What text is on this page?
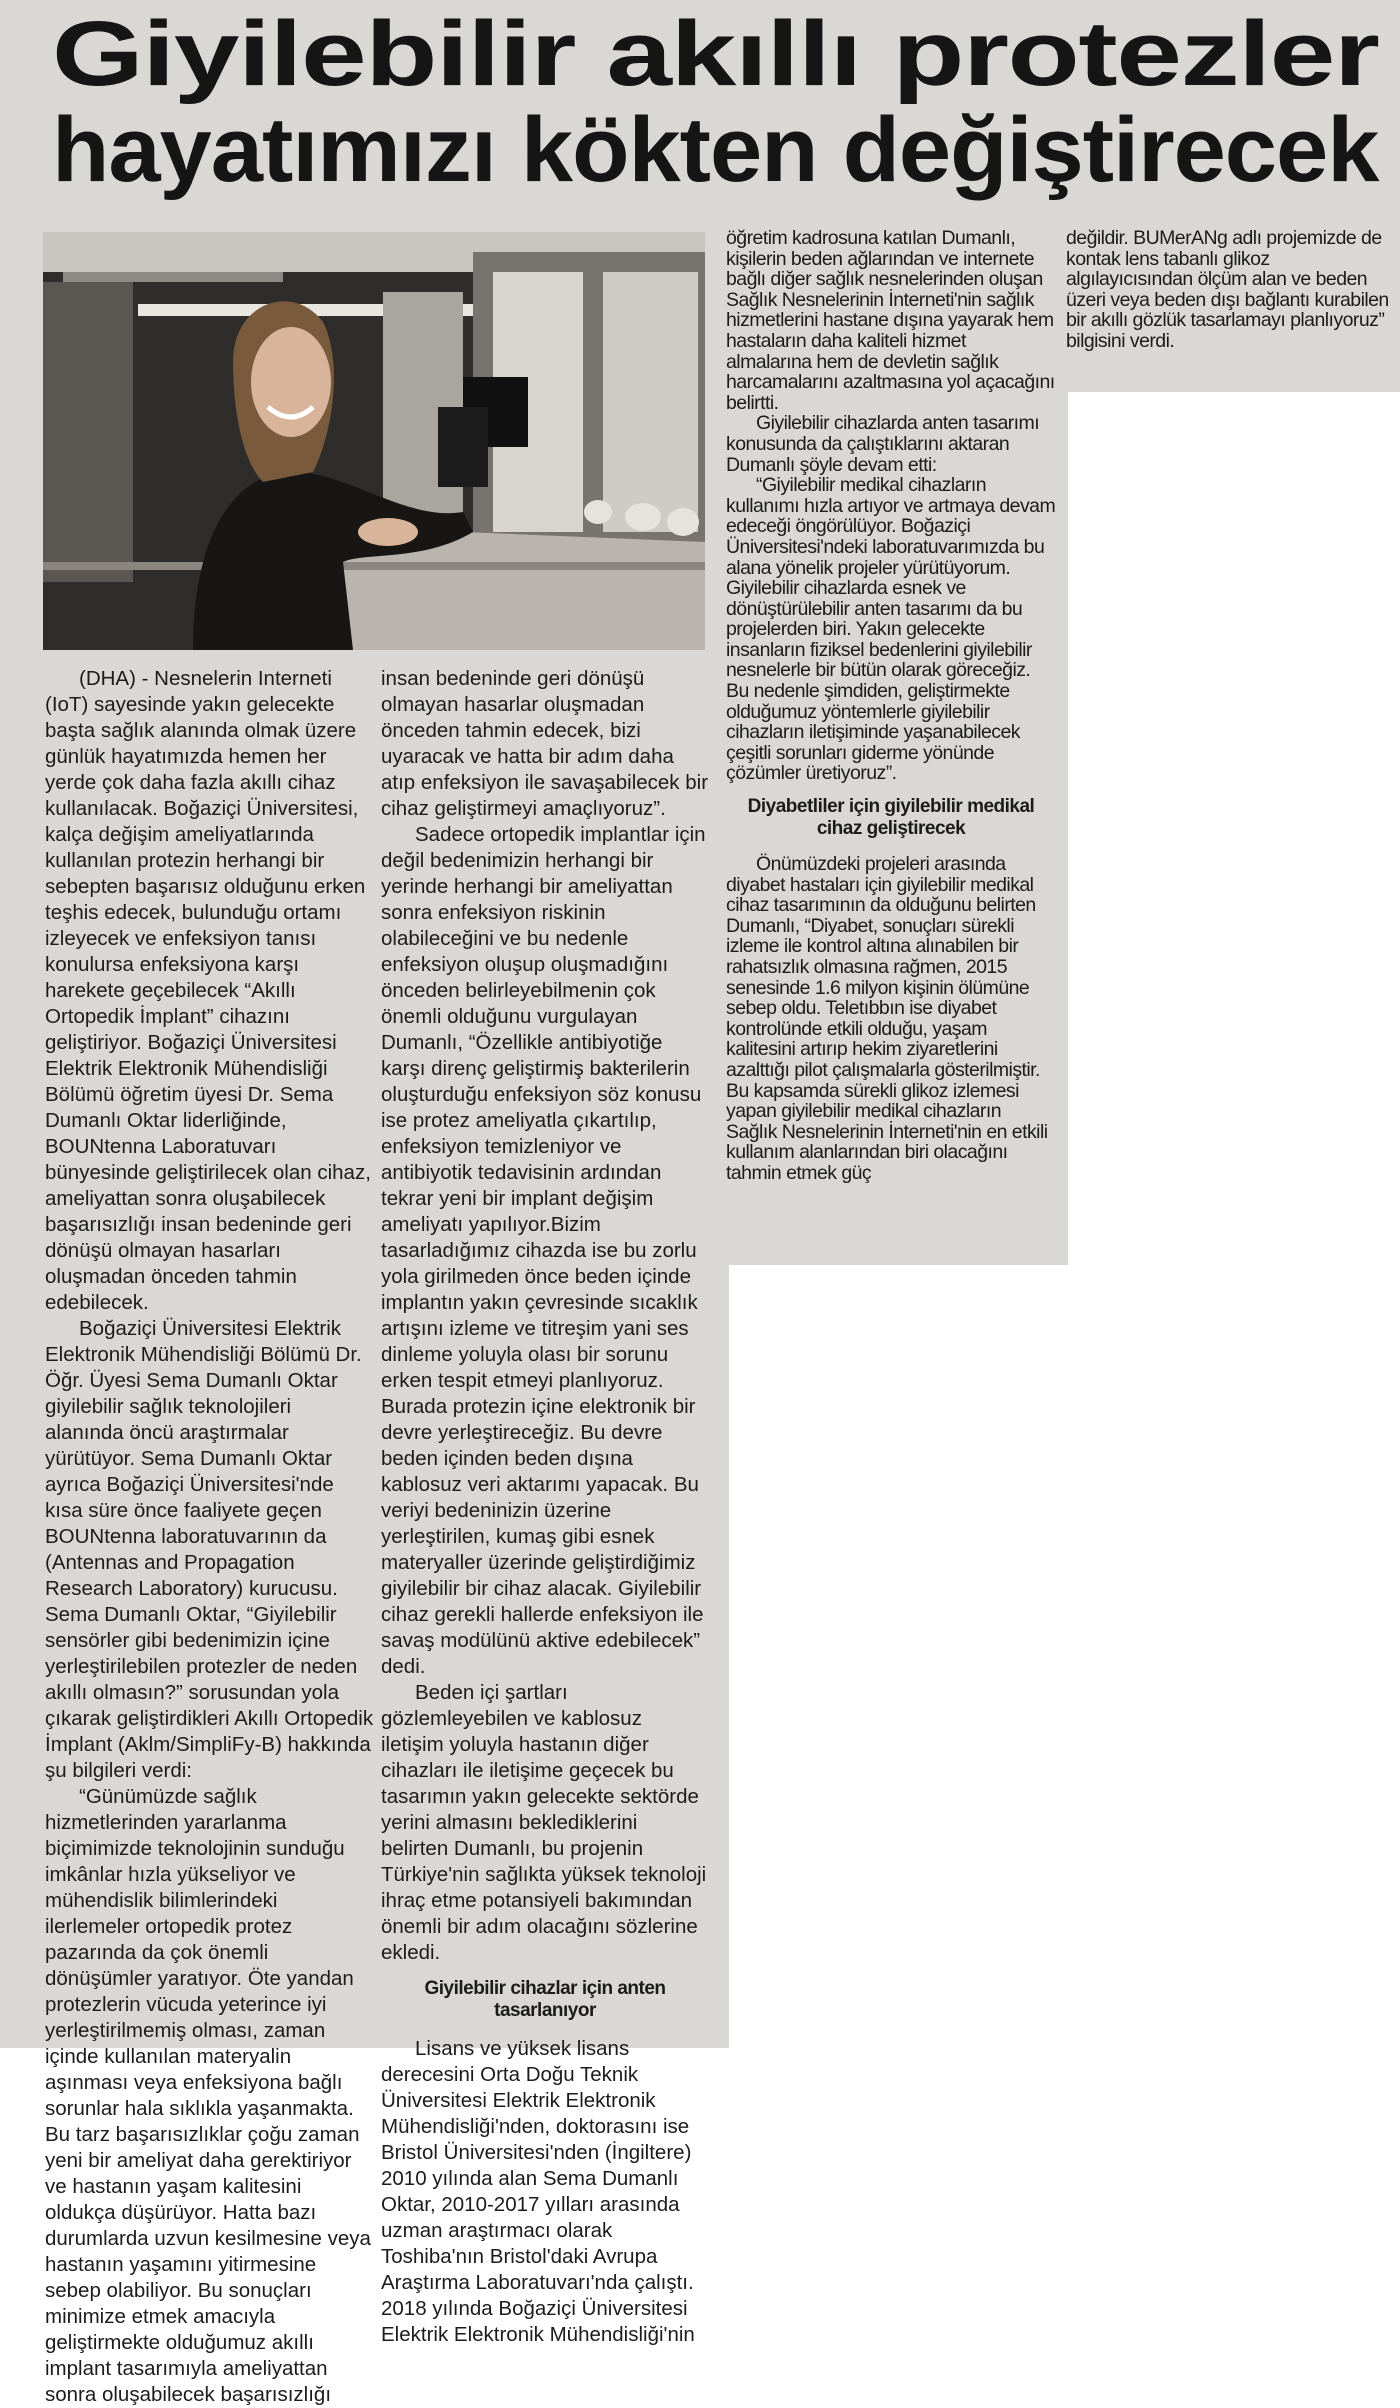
Giyilebilir akıllı protezler
hayatımızı kökten değiştirecek

(DHA) - Nesnelerin Interneti (IoT) sayesinde yakın gelecekte başta sağlık alanında olmak üzere günlük hayatımızda hemen her yerde çok daha fazla akıllı cihaz kullanılacak. Boğaziçi Üniversitesi, kalça değişim ameliyatlarında kullanılan protezin herhangi bir sebepten başarısız olduğunu erken teşhis edecek, bulunduğu ortamı izleyecek ve enfeksiyon tanısı konulursa enfeksiyona karşı harekete geçebilecek “Akıllı Ortopedik İmplant” cihazını geliştiriyor. Boğaziçi Üniversitesi Elektrik Elektronik Mühendisliği Bölümü öğretim üyesi Dr. Sema Dumanlı Oktar liderliğinde, BOUNtenna Laboratuvarı bünyesinde geliştirilecek olan cihaz, ameliyattan sonra oluşabilecek başarısızlığı insan bedeninde geri dönüşü olmayan hasarları oluşmadan önceden tahmin edebilecek.

Boğaziçi Üniversitesi Elektrik Elektronik Mühendisliği Bölümü Dr. Öğr. Üyesi Sema Dumanlı Oktar giyilebilir sağlık teknolojileri alanında öncü araştırmalar yürütüyor. Sema Dumanlı Oktar ayrıca Boğaziçi Üniversitesi'nde kısa süre önce faaliyete geçen BOUNtenna laboratuvarının da (Antennas and Propagation Research Laboratory) kurucusu. Sema Dumanlı Oktar, “Giyilebilir sensörler gibi bedenimizin içine yerleştirilebilen protezler de neden akıllı olmasın?” sorusundan yola çıkarak geliştirdikleri Akıllı Ortopedik İmplant (Aklm/SimpliFy-B) hakkında şu bilgileri verdi:

“Günümüzde sağlık hizmetlerinden yararlanma biçimimizde teknolojinin sunduğu imkânlar hızla yükseliyor ve mühendislik bilimlerindeki ilerlemeler ortopedik protez pazarında da çok önemli dönüşümler yaratıyor. Öte yandan protezlerin vücuda yeterince iyi yerleştirilmemiş olması, zaman içinde kullanılan materyalin aşınması veya enfeksiyona bağlı sorunlar hala sıklıkla yaşanmakta. Bu tarz başarısızlıklar çoğu zaman yeni bir ameliyat daha gerektiriyor ve hastanın yaşam kalitesini oldukça düşürüyor. Hatta bazı durumlarda uzvun kesilmesine veya hastanın yaşamını yitirmesine sebep olabiliyor. Bu sonuçları minimize etmek amacıyla geliştirmekte olduğumuz akıllı implant tasarımıyla ameliyattan sonra oluşabilecek başarısızlığı

insan bedeninde geri dönüşü olmayan hasarlar oluşmadan önceden tahmin edecek, bizi uyaracak ve hatta bir adım daha atıp enfeksiyon ile savaşabilecek bir cihaz geliştirmeyi amaçlıyoruz”.

Sadece ortopedik implantlar için değil bedenimizin herhangi bir yerinde herhangi bir ameliyattan sonra enfeksiyon riskinin olabileceğini ve bu nedenle enfeksiyon oluşup oluşmadığını önceden belirleyebilmenin çok önemli olduğunu vurgulayan Dumanlı, “Özellikle antibiyotiğe karşı direnç geliştirmiş bakterilerin oluşturduğu enfeksiyon söz konusu ise protez ameliyatla çıkartılıp, enfeksiyon temizleniyor ve antibiyotik tedavisinin ardından tekrar yeni bir implant değişim ameliyatı yapılıyor.Bizim tasarladığımız cihazda ise bu zorlu yola girilmeden önce beden içinde implantın yakın çevresinde sıcaklık artışını izleme ve titreşim yani ses dinleme yoluyla olası bir sorunu erken tespit etmeyi planlıyoruz. Burada protezin içine elektronik bir devre yerleştireceğiz. Bu devre beden içinden beden dışına kablosuz veri aktarımı yapacak. Bu veriyi bedeninizin üzerine yerleştirilen, kumaş gibi esnek materyaller üzerinde geliştirdiğimiz giyilebilir bir cihaz alacak. Giyilebilir cihaz gerekli hallerde enfeksiyon ile savaş modülünü aktive edebilecek” dedi.

Beden içi şartları gözlemleyebilen ve kablosuz iletişim yoluyla hastanın diğer cihazları ile iletişime geçecek bu tasarımın yakın gelecekte sektörde yerini almasını beklediklerini belirten Dumanlı, bu projenin Türkiye'nin sağlıkta yüksek teknoloji ihraç etme potansiyeli bakımından önemli bir adım olacağını sözlerine ekledi.

Giyilebilir cihazlar için anten tasarlanıyor

Lisans ve yüksek lisans derecesini Orta Doğu Teknik Üniversitesi Elektrik Elektronik Mühendisliği'nden, doktorasını ise Bristol Üniversitesi'nden (İngiltere) 2010 yılında alan Sema Dumanlı Oktar, 2010-2017 yılları arasında uzman araştırmacı olarak Toshiba'nın Bristol'daki Avrupa Araştırma Laboratuvarı'nda çalıştı. 2018 yılında Boğaziçi Üniversitesi Elektrik Elektronik Mühendisliği'nin

öğretim kadrosuna katılan Dumanlı, kişilerin beden ağlarından ve internete bağlı diğer sağlık nesnelerinden oluşan Sağlık Nesnelerinin İnterneti'nin sağlık hizmetlerini hastane dışına yayarak hem hastaların daha kaliteli hizmet almalarına hem de devletin sağlık harcamalarını azaltmasına yol açacağını belirtti.

Giyilebilir cihazlarda anten tasarımı konusunda da çalıştıklarını aktaran Dumanlı şöyle devam etti:

“Giyilebilir medikal cihazların kullanımı hızla artıyor ve artmaya devam edeceği öngörülüyor. Boğaziçi Üniversitesi'ndeki laboratuvarımızda bu alana yönelik projeler yürütüyorum. Giyilebilir cihazlarda esnek ve dönüştürülebilir anten tasarımı da bu projelerden biri. Yakın gelecekte insanların fiziksel bedenlerini giyilebilir nesnelerle bir bütün olarak göreceğiz. Bu nedenle şimdiden, geliştirmekte olduğumuz yöntemlerle giyilebilir cihazların iletişiminde yaşanabilecek çeşitli sorunları giderme yönünde çözümler üretiyoruz”.

Diyabetliler için giyilebilir medikal cihaz geliştirecek

Önümüzdeki projeleri arasında diyabet hastaları için giyilebilir medikal cihaz tasarımının da olduğunu belirten Dumanlı, “Diyabet, sonuçları sürekli izleme ile kontrol altına alınabilen bir rahatsızlık olmasına rağmen, 2015 senesinde 1.6 milyon kişinin ölümüne sebep oldu. Teletıbbın ise diyabet kontrolünde etkili olduğu, yaşam kalitesini artırıp hekim ziyaretlerini azalttığı pilot çalışmalarla gösterilmiştir. Bu kapsamda sürekli glikoz izlemesi yapan giyilebilir medikal cihazların Sağlık Nesnelerinin İnterneti'nin en etkili kullanım alanlarından biri olacağını tahmin etmek güç

değildir. BUMerANg adlı projemizde de kontak lens tabanlı glikoz algılayıcısından ölçüm alan ve beden üzeri veya beden dışı bağlantı kurabilen bir akıllı gözlük tasarlamayı planlıyoruz” bilgisini verdi.
